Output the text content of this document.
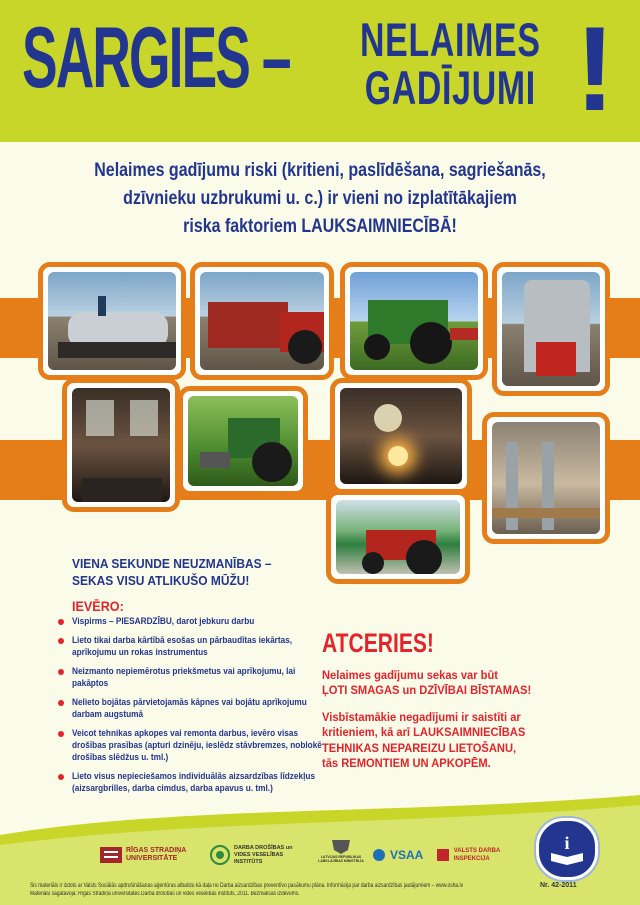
SARGIES – NELAIMES
GADĪJUMI !
Nelaimes gadījumu riski (kritieni, paslīdēšana, sagriešanās,
dzīvnieku uzbrukumi u. c.) ir vieni no izplatītākajiem
riska faktoriem LAUKSAIMNIECĪBĀ!
VIENA SEKUNDE NEUZMANĪBAS –
SEKAS VISU ATLIKUŠO MŪŽU!
IEVĒRO:
Vispirms – PIESARDZĪBU, darot jebkuru darbu
Lieto tikai darba kārtībā esošas un pārbaudītas iekārtas, aprīkojumu un rokas instrumentus
Neizmanto nepiemērotus priekšmetus vai aprīkojumu, lai pakāptos
Nelieto bojātas pārvietojamās kāpnes vai bojātu aprīkojumu darbam augstumā
Veicot tehnikas apkopes vai remonta darbus, ievēro visas drošības prasības (apturi dzinēju, ieslēdz stāvbremzes, noblokē drošības slēdžus u. tml.)
Lieto visus nepieciešamos individuālās aizsardzības līdzekļus (aizsargbrilles, darba cimdus, darba apavus u. tml.)
ATCERIES!
Nelaimes gadījumu sekas var būt
ĻOTI SMAGAS un DZĪVĪBAI BĪSTAMAS!
Visbīstamākie negadījumi ir saistīti ar
kritieniem, kā arī LAUKSAIMNIECĪBAS
TEHNIKAS NEPAREIZU LIETOŠANU,
tās REMONTIEM UN APKOPĒM.
RĪGAS STRADIŅA UNIVERSITĀTE
DARBA DROŠĪBAS un VIDES VESELĪBAS INSTITŪTS
LATVIJAS REPUBLIKAS LABKLĀJĪBAS MINISTRIJA VSAA	VALSTS DARBA INSPEKCIJA
i
Šis materiāls ir izdots ar Valsts Sociālās apdrošināšanas aģentūras atbalstu kā daļa no Darba aizsardzības preventīvo pasākumu plāna. Informācija par darba aizsardzības jautājumiem – www.osha.lv
Materiālu sagatavoja: Rīgas Stradiņa universitātes Darba drošības un vides veselības institūts, 2011. Bezmaksas izdevums.
Nr. 42-2011
